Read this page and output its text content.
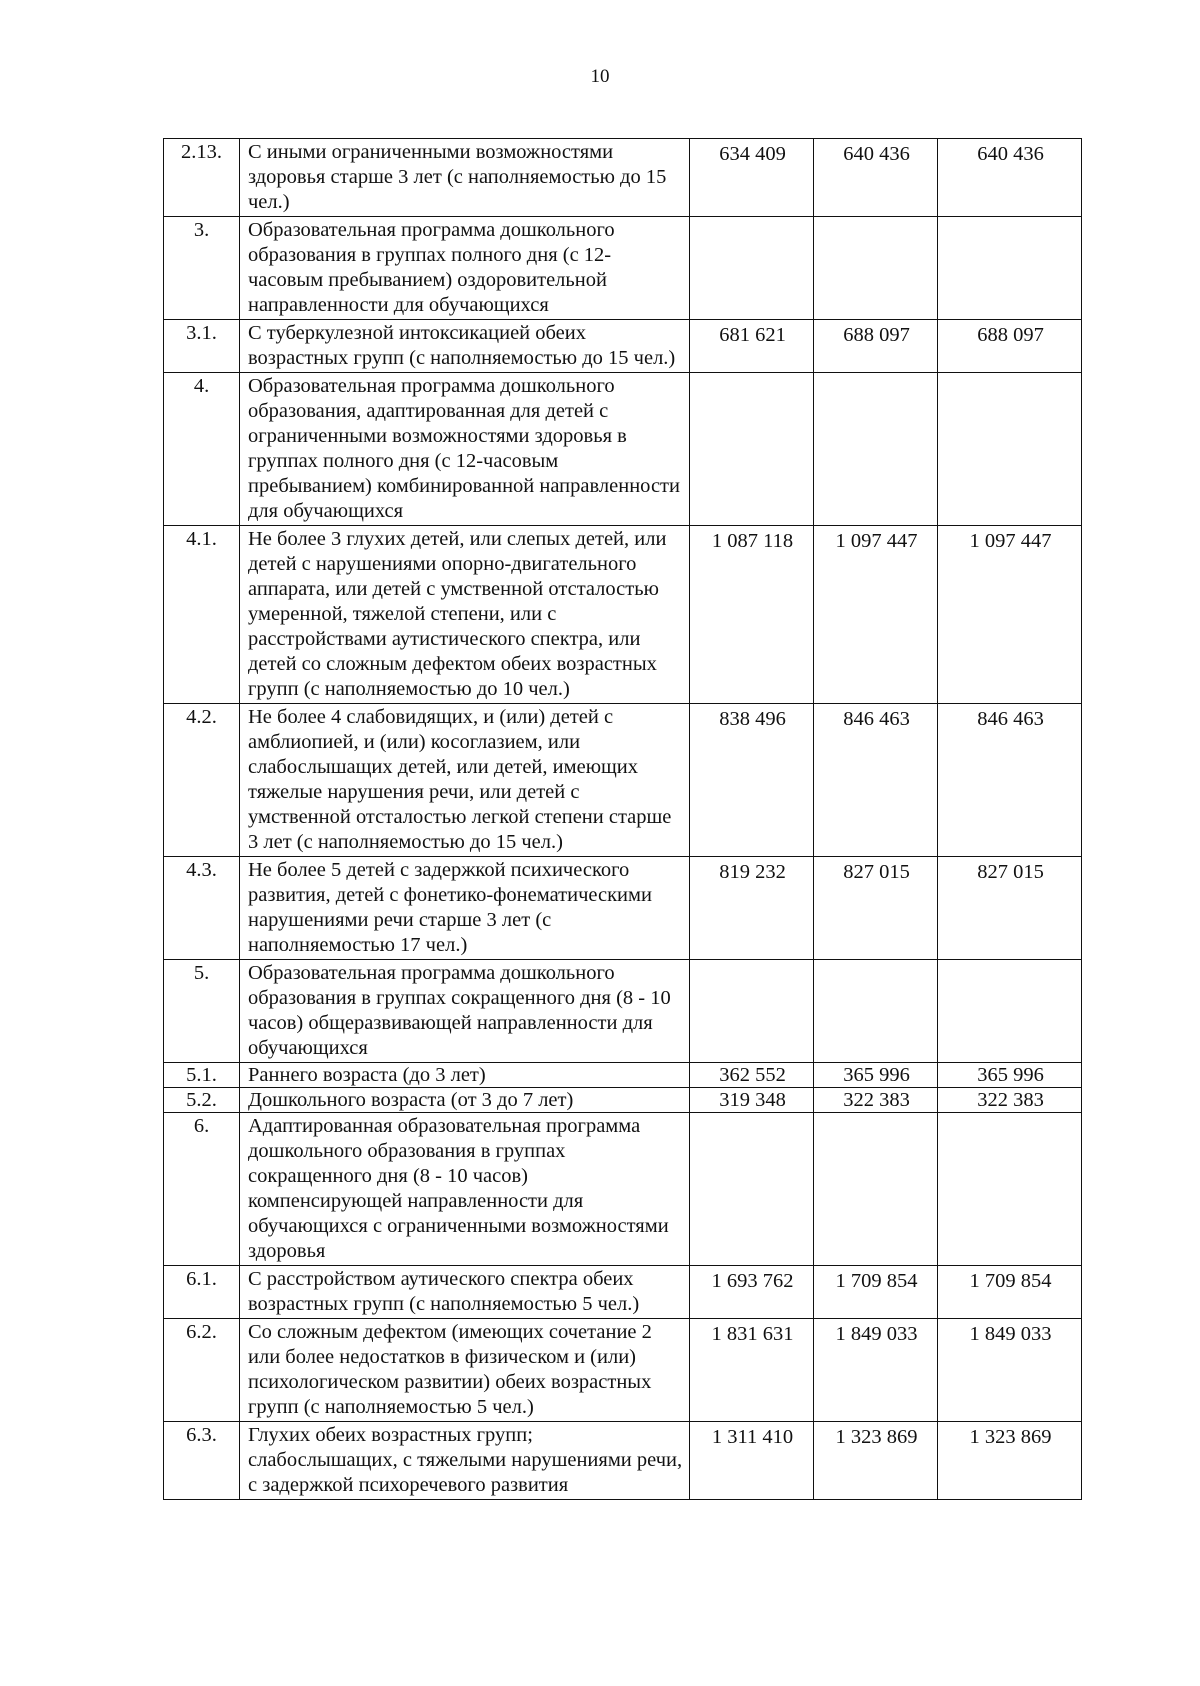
10
2.13.	С иными ограниченными возможностями здоровья старше 3 лет (с наполняемостью до 15 чел.)	634 409	640 436	640 436
3.	Образовательная программа дошкольного образования в группах полного дня (с 12-часовым пребыванием) оздоровительной направленности для обучающихся			
3.1.	С туберкулезной интоксикацией обеих возрастных групп (с наполняемостью до 15 чел.)	681 621	688 097	688 097
4.	Образовательная программа дошкольного образования, адаптированная для детей с ограниченными возможностями здоровья в группах полного дня (с 12-часовым пребыванием) комбинированной направленности для обучающихся			
4.1.	Не более 3 глухих детей, или слепых детей, или детей с нарушениями опорно-двигательного аппарата, или детей с умственной отсталостью умеренной, тяжелой степени, или с расстройствами аутистического спектра, или детей со сложным дефектом обеих возрастных групп (с наполняемостью до 10 чел.)	1 087 118	1 097 447	1 097 447
4.2.	Не более 4 слабовидящих, и (или) детей с амблиопией, и (или) косоглазием, или слабослышащих детей, или детей, имеющих тяжелые нарушения речи, или детей с умственной отсталостью легкой степени старше 3 лет (с наполняемостью до 15 чел.)	838 496	846 463	846 463
4.3.	Не более 5 детей с задержкой психического развития, детей с фонетико-фонематическими нарушениями речи старше 3 лет (с наполняемостью 17 чел.)	819 232	827 015	827 015
5.	Образовательная программа дошкольного образования в группах сокращенного дня (8 - 10 часов) общеразвивающей направленности для обучающихся			
5.1.	Раннего возраста (до 3 лет)	362 552	365 996	365 996
5.2.	Дошкольного возраста (от 3 до 7 лет)	319 348	322 383	322 383
6.	Адаптированная образовательная программа дошкольного образования в группах сокращенного дня (8 - 10 часов) компенсирующей направленности для обучающихся с ограниченными возможностями здоровья			
6.1.	С расстройством аутического спектра обеих возрастных групп (с наполняемостью 5 чел.)	1 693 762	1 709 854	1 709 854
6.2.	Со сложным дефектом (имеющих сочетание 2 или более недостатков в физическом и (или) психологическом развитии) обеих возрастных групп (с наполняемостью 5 чел.)	1 831 631	1 849 033	1 849 033
6.3.	Глухих обеих возрастных групп; слабослышащих, с тяжелыми нарушениями речи, с задержкой психоречевого развития	1 311 410	1 323 869	1 323 869
